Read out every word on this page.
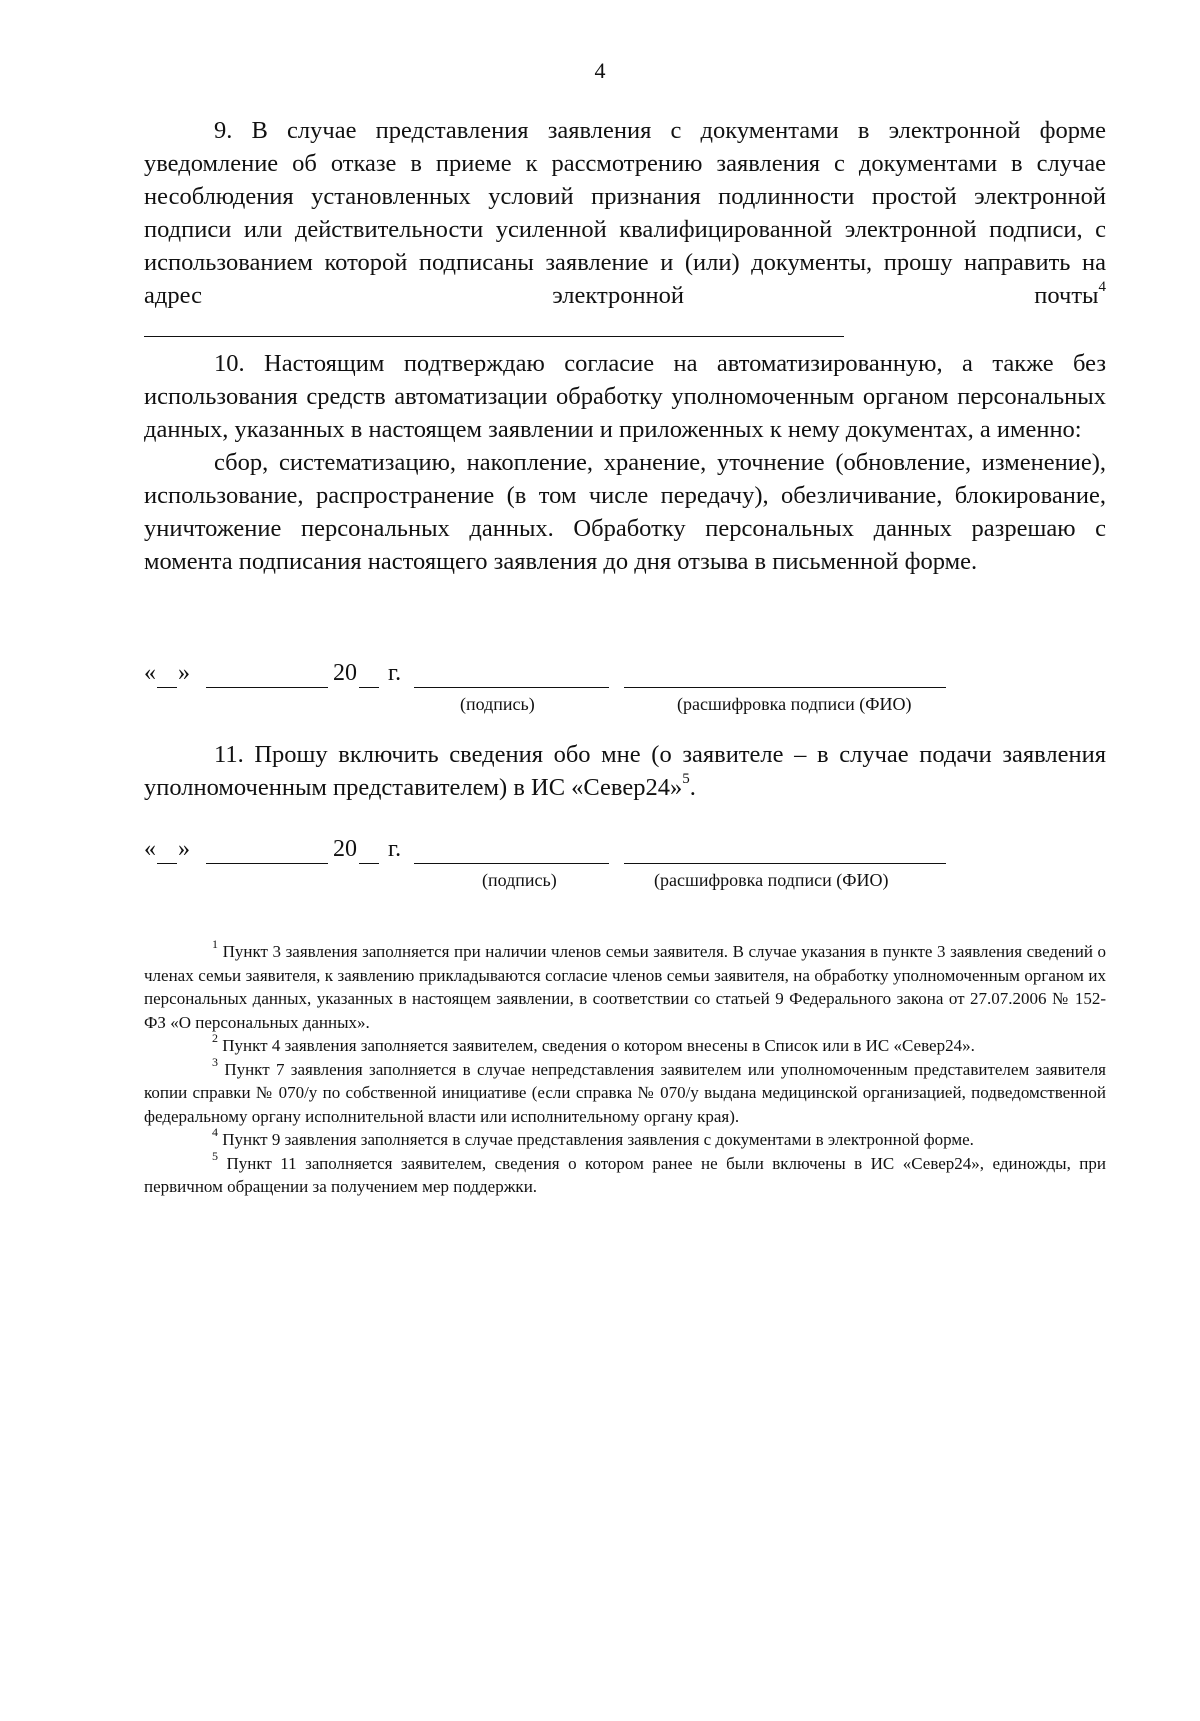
4

9. В случае представления заявления с документами в электронной форме уведомление об отказе в приеме к рассмотрению заявления с документами в случае несоблюдения установленных условий признания подлинности простой электронной подписи или действительности усиленной квалифицированной электронной подписи, с использованием которой подписаны заявление и (или) документы, прошу направить на адрес электронной почты$^4$

10. Настоящим подтверждаю согласие на автоматизированную, а также без использования средств автоматизации обработку уполномоченным органом персональных данных, указанных в настоящем заявлении и приложенных к нему документах, а именно:

сбор, систематизацию, накопление, хранение, уточнение (обновление, изменение), использование, распространение (в том числе передачу), обезличивание, блокирование, уничтожение персональных данных. Обработку персональных данных разрешаю с момента подписания настоящего заявления до дня отзыва в письменной форме.

« »	20 г.
(подпись)	(расшифровка подписи (ФИО)

11. Прошу включить сведения обо мне (о заявителе – в случае подачи заявления уполномоченным представителем) в ИС «Север24»$^5$.

« »	20 г.
(подпись)	(расшифровка подписи (ФИО)

$^1$ Пункт 3 заявления заполняется при наличии членов семьи заявителя. В случае указания в пункте 3 заявления сведений о членах семьи заявителя, к заявлению прикладываются согласие членов семьи заявителя, на обработку уполномоченным органом их персональных данных, указанных в настоящем заявлении, в соответствии со статьей 9 Федерального закона от 27.07.2006 № 152-ФЗ «О персональных данных».

$^2$ Пункт 4 заявления заполняется заявителем, сведения о котором внесены в Список или в ИС «Север24».

$^3$ Пункт 7 заявления заполняется в случае непредставления заявителем или уполномоченным представителем заявителя копии справки № 070/у по собственной инициативе (если справка № 070/у выдана медицинской организацией, подведомственной федеральному органу исполнительной власти или исполнительному органу края).

$^4$ Пункт 9 заявления заполняется в случае представления заявления с документами в электронной форме.

$^5$ Пункт 11 заполняется заявителем, сведения о котором ранее не были включены в ИС «Север24», единожды, при первичном обращении за получением мер поддержки.
